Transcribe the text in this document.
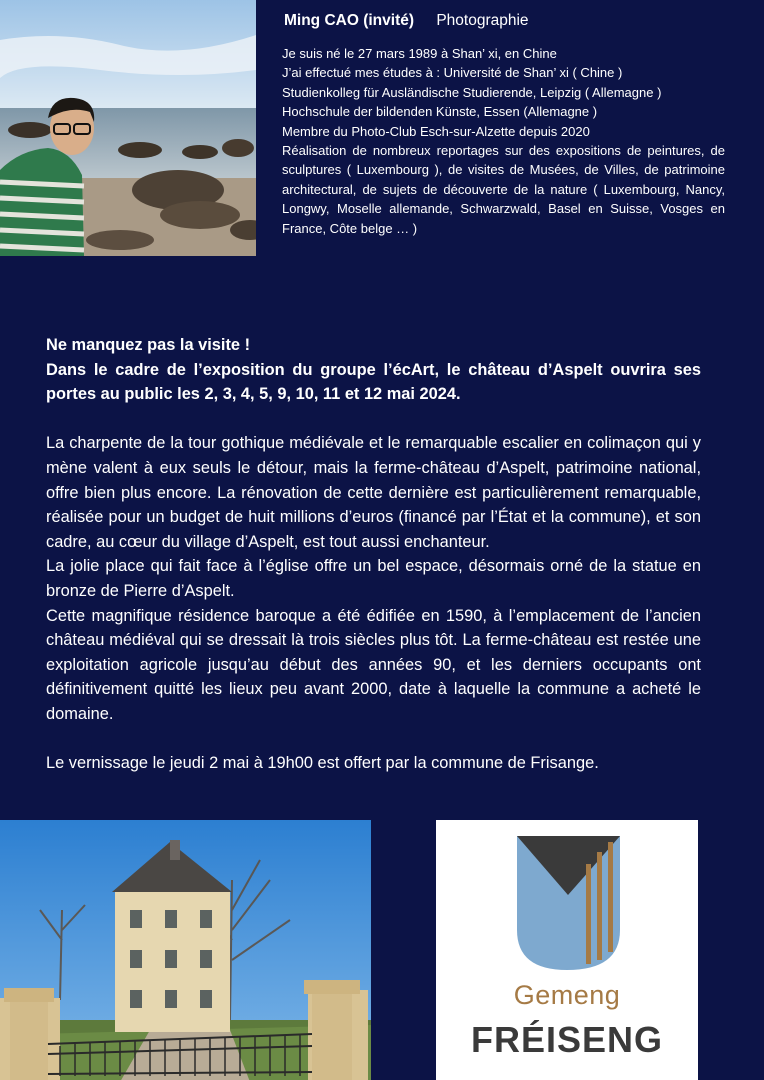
Ming CAO (invité) Photographie
Je suis né le 27 mars 1989 à Shan’ xi, en Chine
J’ai effectué mes études à : Université de Shan’ xi ( Chine )
Studienkolleg für Ausländische Studierende, Leipzig ( Allemagne )
Hochschule der bildenden Künste, Essen (Allemagne )
Membre du Photo-Club Esch-sur-Alzette depuis 2020
Réalisation de nombreux reportages sur des expositions de peintures, de sculptures ( Luxembourg ), de visites de Musées, de Villes, de patrimoine architectural, de sujets de découverte de la nature ( Luxembourg, Nancy, Longwy, Moselle allemande, Schwarzwald, Basel en Suisse, Vosges en France, Côte belge … )

Ne manquez pas la visite !

Dans le cadre de l’exposition du groupe l’écArt, le château d’Aspelt ouvrira ses portes au public les 2, 3, 4, 5, 9, 10, 11 et 12 mai 2024.

La charpente de la tour gothique médiévale et le remarquable escalier en colimaçon qui y mène valent à eux seuls le détour, mais la ferme-château d’Aspelt, patrimoine national, offre bien plus encore. La rénovation de cette dernière est particulièrement remarquable, réalisée pour un budget de huit millions d’euros (financé par l’État et la commune), et son cadre, au cœur du village d’Aspelt, est tout aussi enchanteur.

La jolie place qui fait face à l’église offre un bel espace, désormais orné de la statue en bronze de Pierre d’Aspelt.

Cette magnifique résidence baroque a été édifiée en 1590, à l’emplacement de l’ancien château médiéval qui se dressait là trois siècles plus tôt. La ferme-château est restée une exploitation agricole jusqu’au début des années 90, et les derniers occupants ont définitivement quitté les lieux peu avant 2000, date à laquelle la commune a acheté le domaine.

Le vernissage le jeudi 2 mai à 19h00 est offert par la commune de Frisange.

Gemeng
FRÉISENG
